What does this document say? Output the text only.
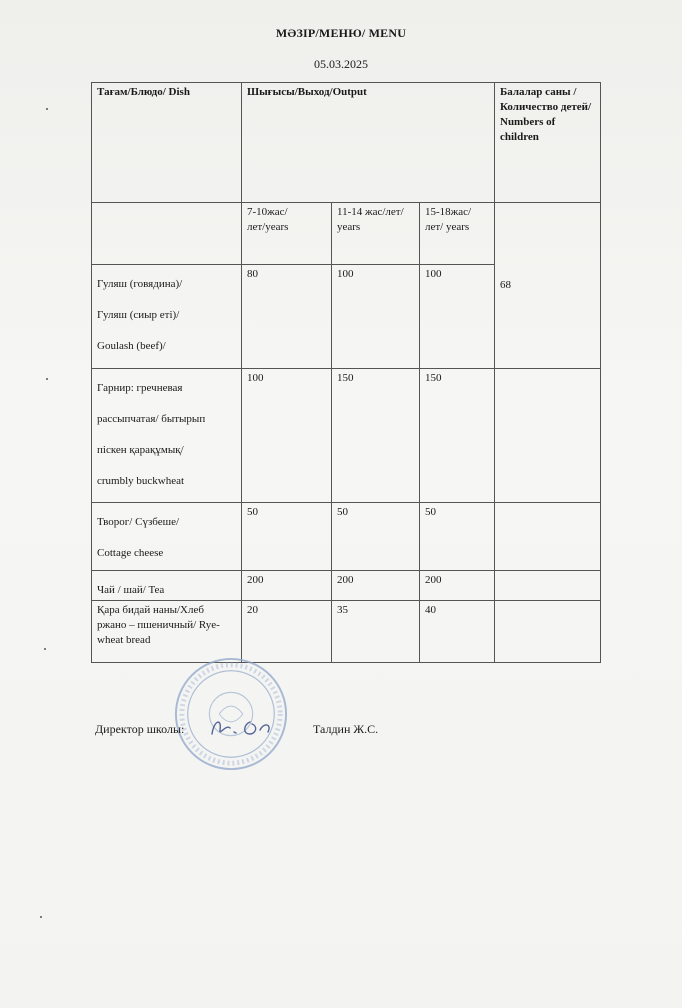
МӘЗІР/МЕНЮ/ MENU
05.03.2025
Тағам/Блюдо/ Dish	Шығысы/Выход/Output			Балалар саны /Количество детей/ Numbers of children
	7-10жас/лет/years	11-14 жас/лет/ years	15-18жас/лет/ years	68

Гуляш (говядина)/

Гуляш (сиыр еті)/

Goulash (beef)/	80	100	100	

Гарнир: гречневая

рассыпчатая/ бытырып

піскен қарақұмық/

crumbly buckwheat	100	150	150	

Творог/ Сүзбеше/

Cottage cheese	50	50	50	
Чай / шай/ Tea	200	200	200	
Қара бидай наны/Хлеб ржано – пшеничный/ Rye-wheat bread	20	35	40	
Директор школы:	Талдин Ж.С.
